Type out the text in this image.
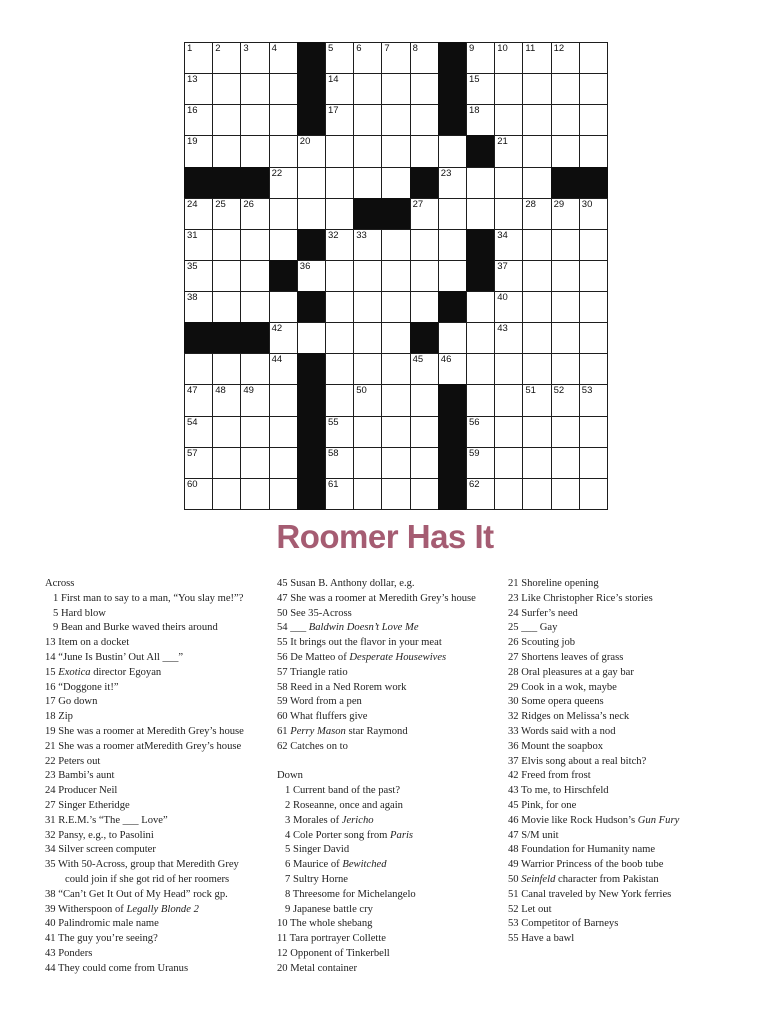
1 2 3 4	5 6 7 8	9 10 11 12
13	14	15
16	17	18
19	20	21
22	23
24 25 26	27	28 29 30
31	32 33	34
35	36	37
38	40
42	43
44	45 46
47 48 49	50	51 52 53
54	55	56
57	58	59
60	61	62
Roomer Has It
Across
1 First man to say to a man, “You slay me!”?
5 Hard blow
9 Bean and Burke waved theirs around
13 Item on a docket
14 “June Is Bustin’ Out All ___”
15 Exotica director Egoyan
16 “Doggone it!”
17 Go down
18 Zip
19 She was a roomer at Meredith Grey’s house
21 She was a roomer atMeredith Grey’s house
22 Peters out
23 Bambi’s aunt
24 Producer Neil
27 Singer Etheridge
31 R.E.M.’s “The ___ Love”
32 Pansy, e.g., to Pasolini
34 Silver screen computer
35 With 50-Across, group that Meredith Grey
could join if she got rid of her roomers
38 “Can’t Get It Out of My Head” rock gp.
39 Witherspoon of Legally Blonde 2
40 Palindromic male name
41 The guy you’re seeing?
43 Ponders
44 They could come from Uranus
45 Susan B. Anthony dollar, e.g.
47 She was a roomer at Meredith Grey’s house
50 See 35-Across
54 ___ Baldwin Doesn’t Love Me
55 It brings out the flavor in your meat
56 De Matteo of Desperate Housewives
57 Triangle ratio
58 Reed in a Ned Rorem work
59 Word from a pen
60 What fluffers give
61 Perry Mason star Raymond
62 Catches on to
Down
1 Current band of the past?
2 Roseanne, once and again
3 Morales of Jericho
4 Cole Porter song from Paris
5 Singer David
6 Maurice of Bewitched
7 Sultry Horne
8 Threesome for Michelangelo
9 Japanese battle cry
10 The whole shebang
11 Tara portrayer Collette
12 Opponent of Tinkerbell
20 Metal container
21 Shoreline opening
23 Like Christopher Rice’s stories
24 Surfer’s need
25 ___ Gay
26 Scouting job
27 Shortens leaves of grass
28 Oral pleasures at a gay bar
29 Cook in a wok, maybe
30 Some opera queens
32 Ridges on Melissa’s neck
33 Words said with a nod
36 Mount the soapbox
37 Elvis song about a real bitch?
42 Freed from frost
43 To me, to Hirschfeld
45 Pink, for one
46 Movie like Rock Hudson’s Gun Fury
47 S/M unit
48 Foundation for Humanity name
49 Warrior Princess of the boob tube
50 Seinfeld character from Pakistan
51 Canal traveled by New York ferries
52 Let out
53 Competitor of Barneys
55 Have a bawl
